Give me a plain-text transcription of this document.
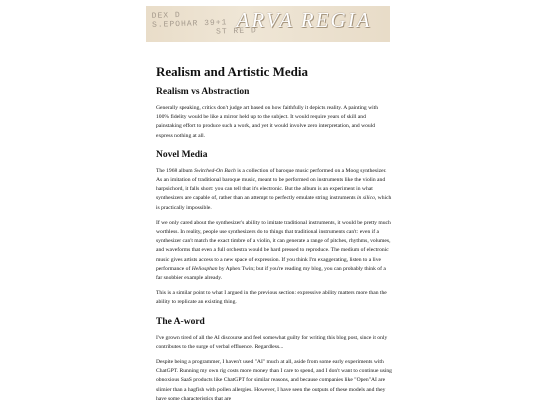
DEX D
S.EPOHAR 39+1
ST RE D
ARVA REGIA
Realism and Artistic Media
Realism vs Abstraction

Generally speaking, critics don't judge art based on how faithfully it depicts reality. A painting with 100% fidelity would be like a mirror held up to the subject. It would require years of skill and painstaking effort to produce such a work, and yet it would involve zero interpretation, and would express nothing at all.

Novel Media

The 1968 album Switched-On Bach is a collection of baroque music performed on a Moog synthesizer. As an imitation of traditional baroque music, meant to be performed on instruments like the violin and harpsichord, it falls short: you can tell that it's electronic. But the album is an experiment in what synthesizers are capable of, rather than an attempt to perfectly emulate string instruments in silico, which is practically impossible.

If we only cared about the synthesizer's ability to imitate traditional instruments, it would be pretty much worthless. In reality, people use synthesizers do to things that traditional instruments can't: even if a synthesizer can't match the exact timbre of a violin, it can generate a range of pitches, rhythms, volumes, and waveforms that even a full orchestra would be hard pressed to reproduce. The medium of electronic music gives artists access to a new space of expression. If you think I'm exaggerating, listen to a live performance of Heliosphan by Aphex Twin; but if you're reading my blog, you can probably think of a far snobbier example already.

This is a similar point to what I argued in the previous section: expressive ability matters more than the ability to replicate an existing thing.

The A-word

I've grown tired of all the AI discourse and feel somewhat guilty for writing this blog post, since it only contributes to the surge of verbal effluence. Regardless...

Despite being a programmer, I haven't used "AI" much at all, aside from some early experiments with ChatGPT. Running my own rig costs more money than I care to spend, and I don't want to continue using obnoxious SaaS products like ChatGPT for similar reasons, and because companies like "Open"AI are slimier than a hagfish with pollen allergies. However, I have seen the outputs of these models and they have some characteristics that are
